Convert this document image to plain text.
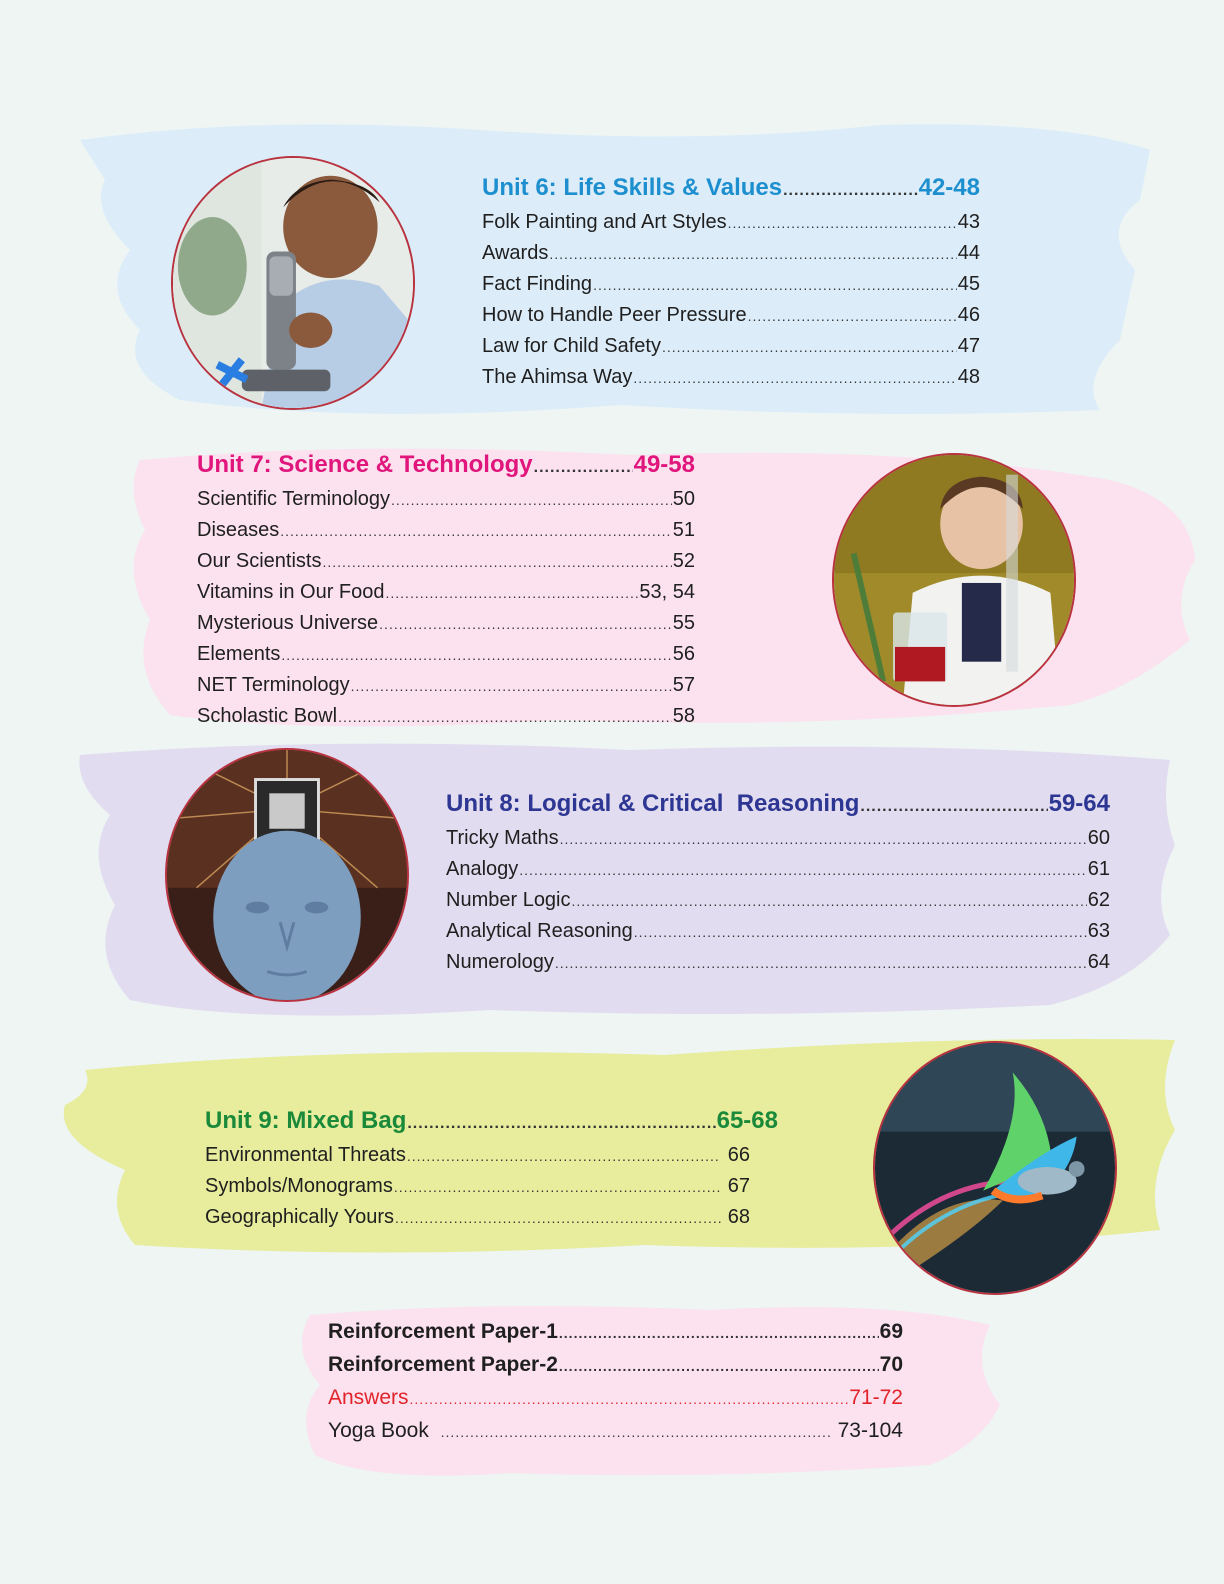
Unit 6: Life Skills & Values .....	42-48
Folk Painting and Art Styles .....	43
Awards .....	44
Fact Finding .....	45
How to Handle Peer Pressure .....	46
Law for Child Safety .....	47
The Ahimsa Way .....	48
Unit 7: Science & Technology .....	49-58
Scientific Terminology .....	50
Diseases .....	51
Our Scientists .....	52
Vitamins in Our Food .....	53, 54
Mysterious Universe .....	55
Elements .....	56
NET Terminology .....	57
Scholastic Bowl .....	58
Unit 8: Logical & Critical  Reasoning .....	59-64
Tricky Maths .....	60
Analogy .....	61
Number Logic .....	62
Analytical Reasoning .....	63
Numerology .....	64
Unit 9: Mixed Bag .....	65-68
Environmental Threats .....	66
Symbols/Monograms .....	67
Geographically Yours .....	68
Reinforcement Paper-1 .....	69
Reinforcement Paper-2 .....	70
Answers .....	71-72
Yoga Book .....	73-104
